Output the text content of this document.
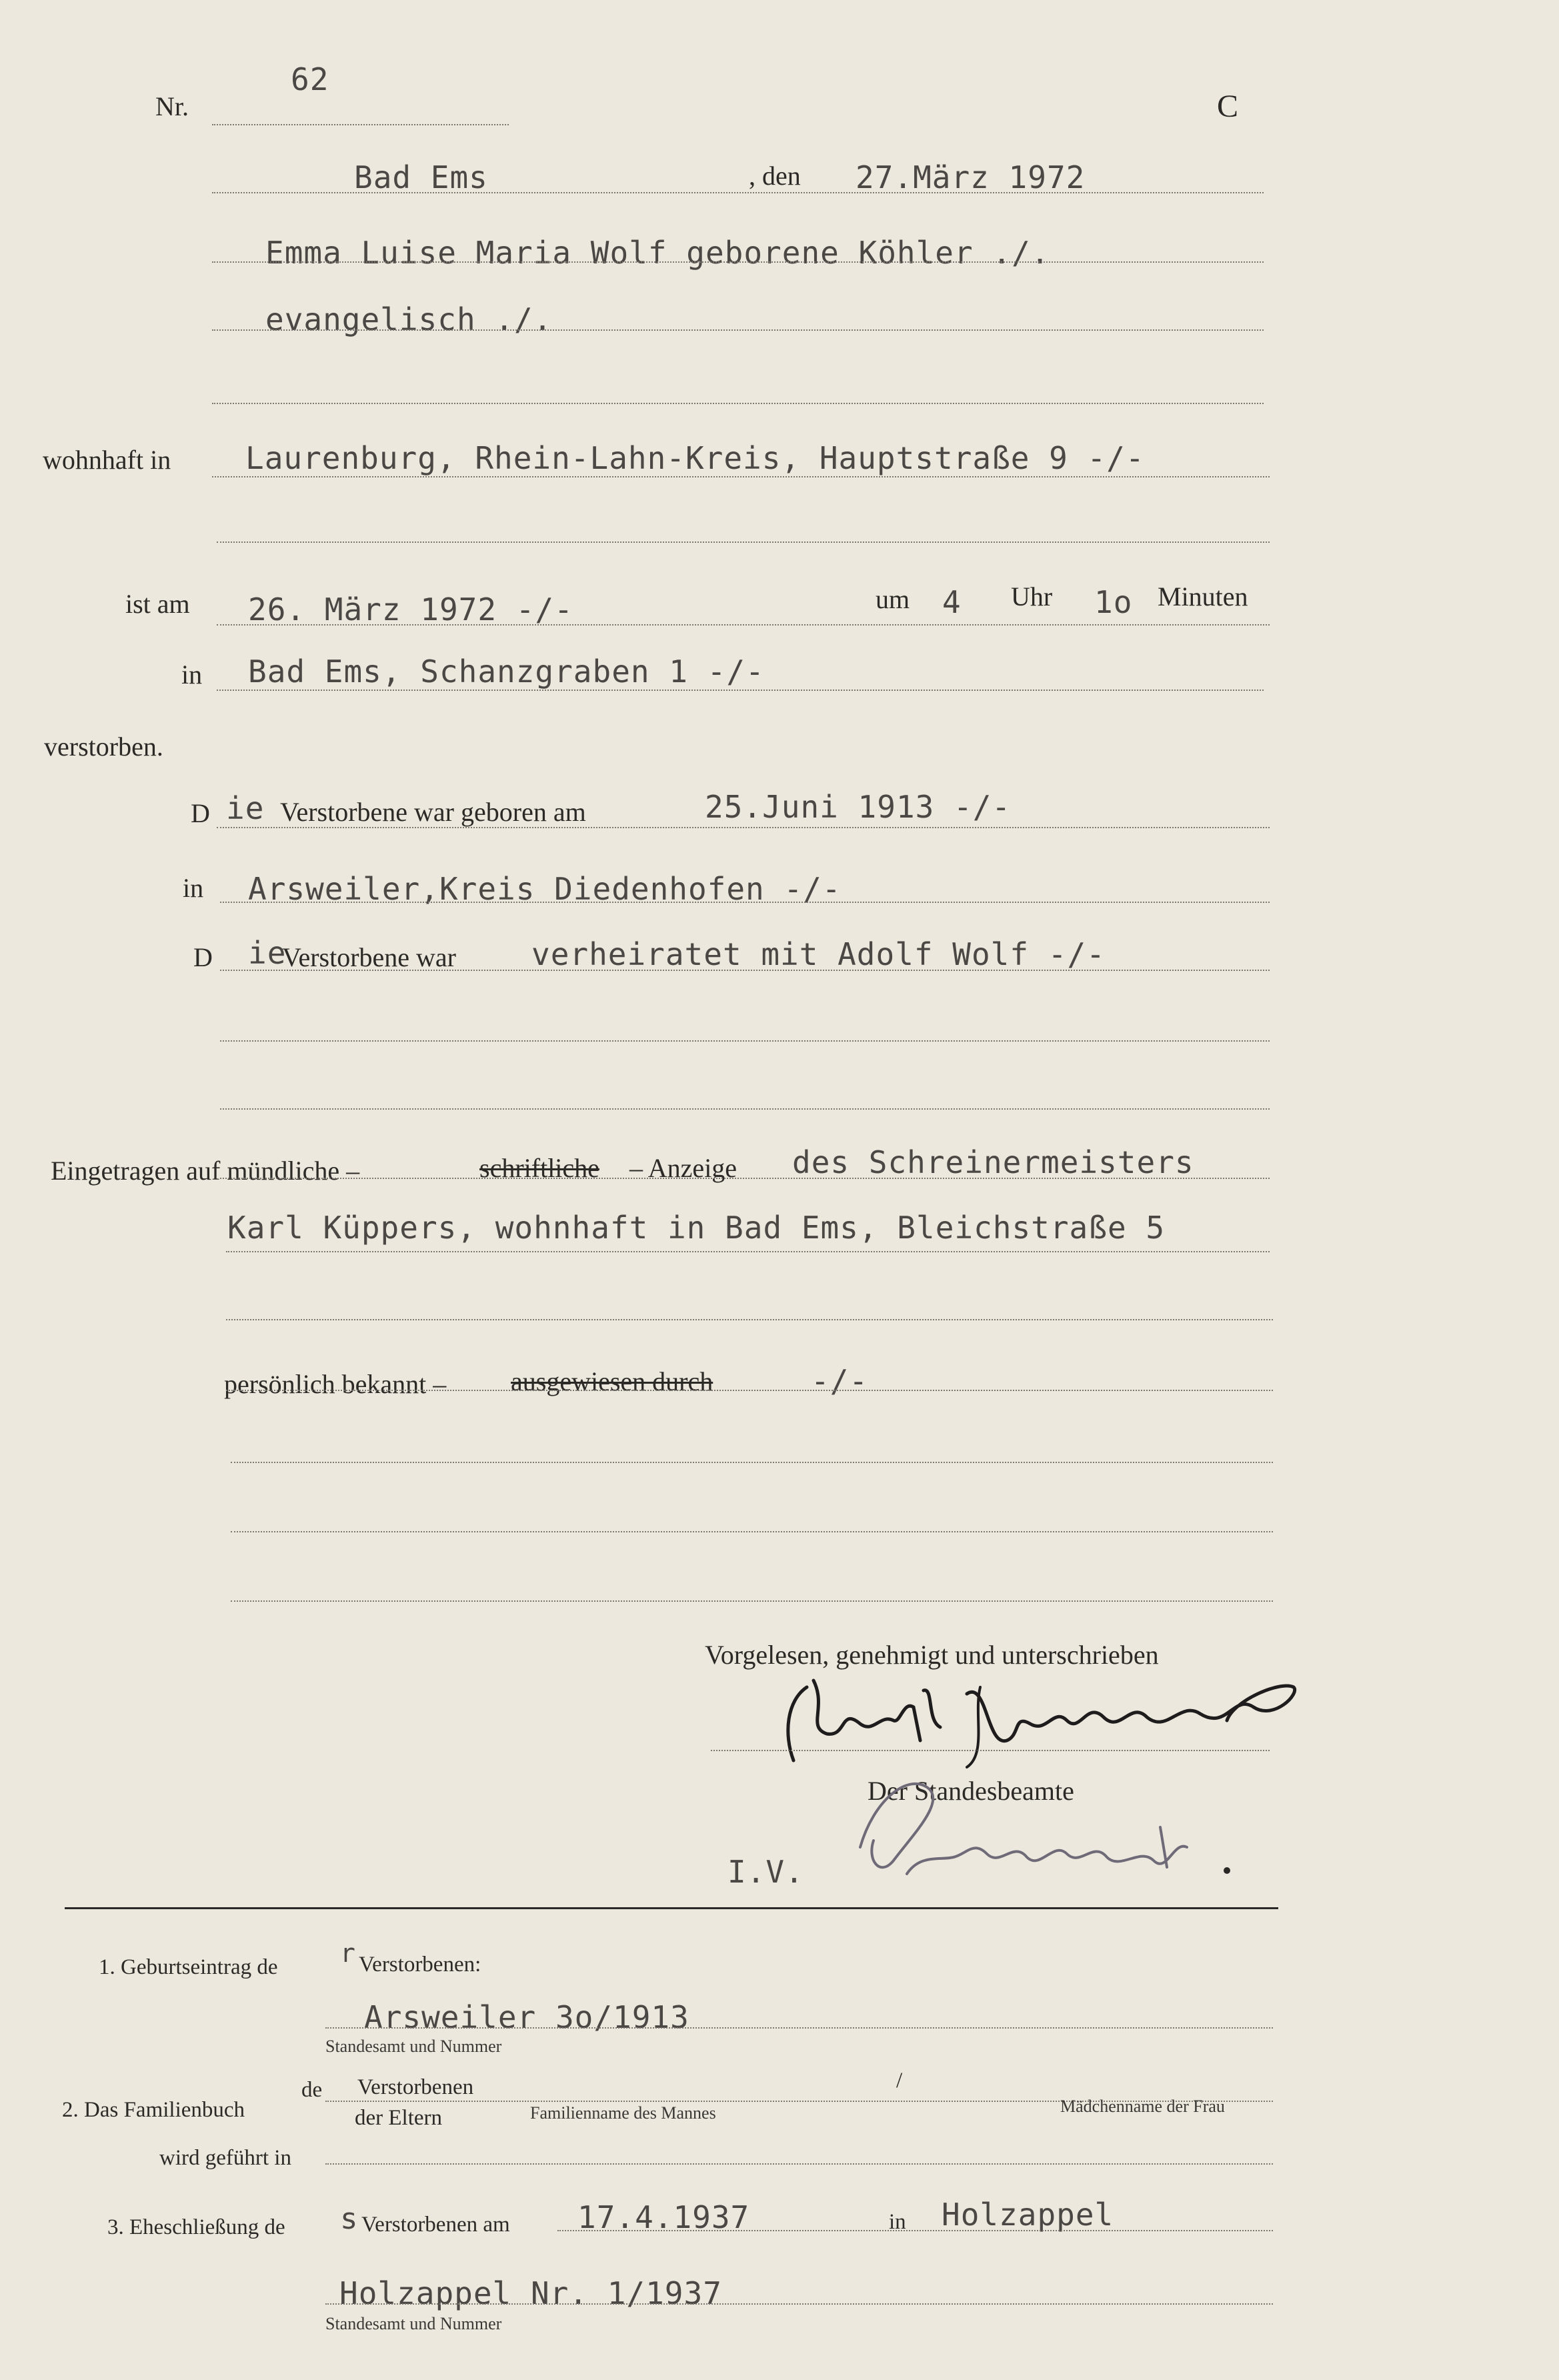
Nr.
62
C
Bad Ems	, den 27.März 1972
Emma Luise Maria Wolf geborene Köhler ./.
evangelisch ./.
wohnhaft in Laurenburg, Rhein-Lahn-Kreis, Hauptstraße 9 -/-
ist am 26. März 1972 -/-	um 4 Uhr 1o Minuten
in Bad Ems, Schanzgraben 1 -/-
verstorben.
D ie Verstorbene war geboren am	25.Juni 1913 -/-
in Arsweiler,Kreis Diedenhofen -/-
D ie
Verstorbene war verheiratet mit Adolf Wolf -/-
Eingetragen auf mündliche –	schriftliche – Anzeige des Schreinermeisters
Karl Küppers, wohnhaft in Bad Ems, Bleichstraße 5
persönlich bekannt – ausgewiesen durch	-/-
Vorgelesen, genehmigt und unterschrieben
Der Standesbeamte
I.V.
1. Geburtseintrag de r Verstorbenen:
Arsweiler 3o/1913
Standesamt und Nummer
2. Das Familienbuch
de Verstorbenen
der Eltern	Familienname des Mannes
/
Mädchenname der Frau
wird geführt in
3. Eheschließung de s Verstorbenen am 17.4.1937	in Holzappel
Holzappel Nr. 1/1937
Standesamt und Nummer
